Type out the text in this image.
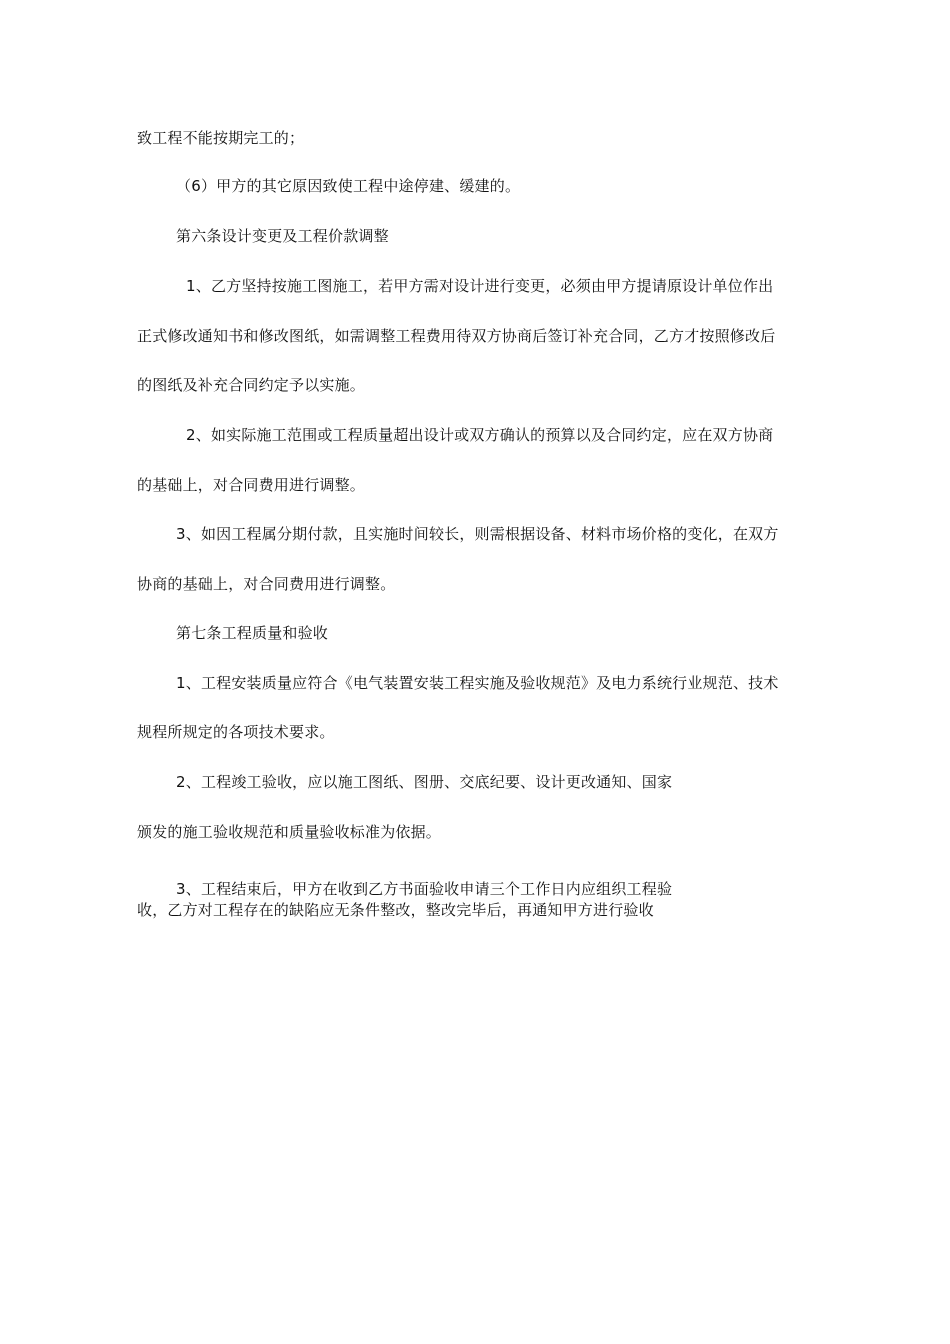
致工程不能按期完工的；
（6）甲方的其它原因致使工程中途停建、缓建的。
第六条设计变更及工程价款调整
1、乙方坚持按施工图施工，若甲方需对设计进行变更，必须由甲方提请原设计单位作出
正式修改通知书和修改图纸，如需调整工程费用待双方协商后签订补充合同，乙方才按照修改后
的图纸及补充合同约定予以实施。
2、如实际施工范围或工程质量超出设计或双方确认的预算以及合同约定，应在双方协商
的基础上，对合同费用进行调整。
3、如因工程属分期付款，且实施时间较长，则需根据设备、材料市场价格的变化，在双方
协商的基础上，对合同费用进行调整。
第七条工程质量和验收
1、工程安装质量应符合《电气装置安装工程实施及验收规范》及电力系统行业规范、技术
规程所规定的各项技术要求。
2、工程竣工验收，应以施工图纸、图册、交底纪要、设计更改通知、国家
颁发的施工验收规范和质量验收标准为依据。
3、工程结束后，甲方在收到乙方书面验收申请三个工作日内应组织工程验
收，乙方对工程存在的缺陷应无条件整改，整改完毕后，再通知甲方进行验收
